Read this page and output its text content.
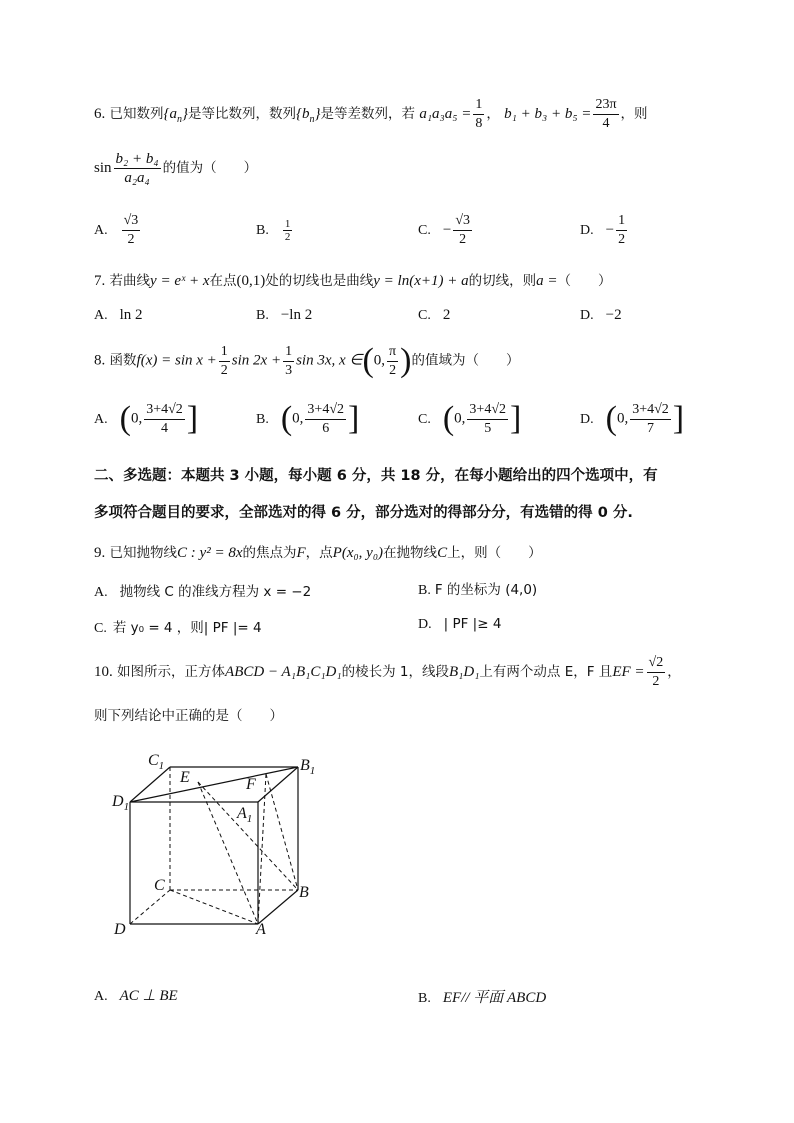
6. 已知数列$\{a_n\}$是等比数列，数列$\{b_n\}$是等差数列，若 $a_1a_3a_5 = \frac{1}{8}$ ， $b_1 + b_3 + b_5 = \frac{23\pi}{4}$ ，则
$\sin \frac{\text{b₂ + b₄}}{\text{a₂a₄}}$ 的值为（　　）
A. $\frac{√3}{2}$	B. $\frac{1}{2}$	C. − $\frac{√3}{2}$	D. − $\frac{1}{2}$
7. 若曲线y = eˣ + x在点(0,1)处的切线也是曲线y = ln(x+1) + a的切线，则a =（　　）
A. ln 2	B. −ln 2	C. 2	D. −2
8. 函数$f(x) = \sin x + \frac{1}{2}$ $\sin 2x + \frac{1}{3}$ sin 3x, x ∈(0, $\frac{\pi}{2}$ )的值域为（　　）
A. (0, $\frac{3+4√2}{4}$ ]	B. (0, $\frac{3+4√2}{6}$ ]	C. (0, $\frac{3+4√2}{5}$ ]	D. (0, $\frac{3+4√2}{7}$ ]
二、多选题：本题共 3 小题，每小题 6 分，共 18 分，在每小题给出的四个选项中，有
多项符合题目的要求，全部选对的得 6 分，部分选对的得部分分，有选错的得 0 分.
9. 已知抛物线C : y² = 8x的焦点为F，点P(x₀, y₀)在抛物线C上，则（　　）
A. 抛物线 C 的准线方程为 x = −2	B. F 的坐标为 (4,0)
C. 若 y₀ = 4 ，则| PF |= 4	D. | PF |≥ 4
10. 如图所示，正方体ABCD − A₁B₁C₁D₁的棱长为 1，线段B₁D₁上有两个动点 E，F 且EF = $\frac{√2}{2}$ ，
则下列结论中正确的是（　　）
$C_1$	$B_1$
$D_1$	$A_1$
E	F
C	B
D	A
A. AC ⊥ BE	B. EF// 平面 ABCD
